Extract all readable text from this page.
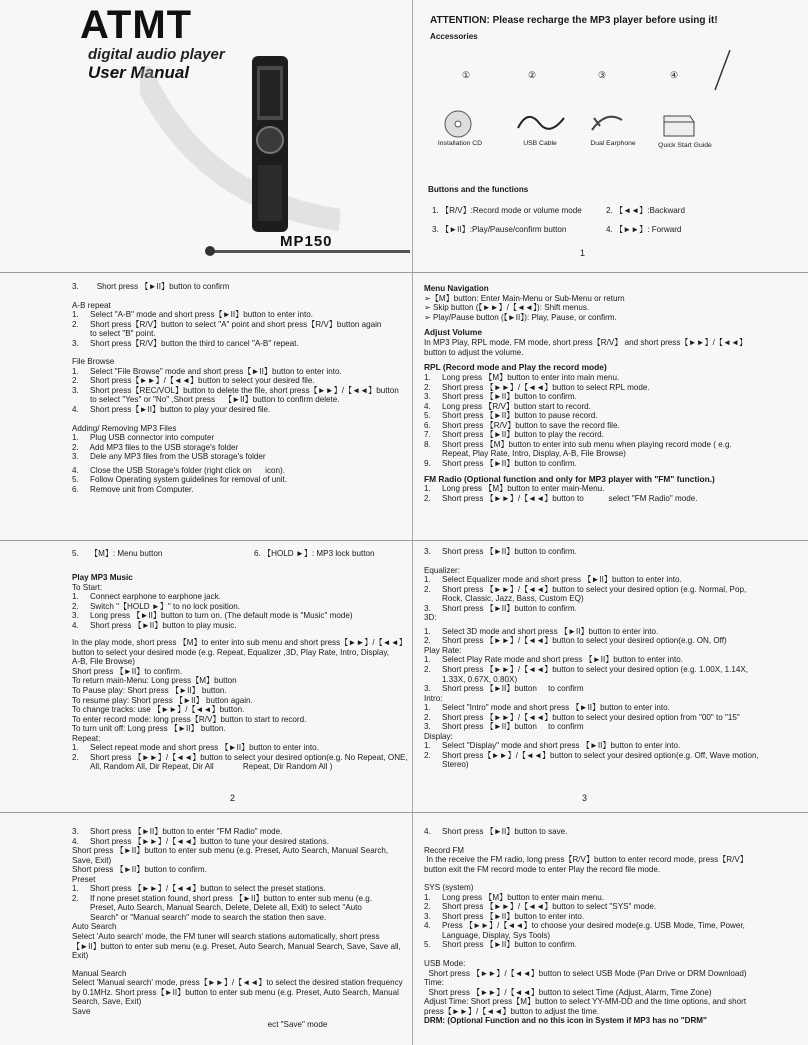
ATMT
digital audio player
User Manual
MP150
ATTENTION: Please recharge the MP3 player before using it!
Accessories
①	②	③	④
Installation CD	USB Cable	Dual Earphone	Quick Start Guide
Buttons and the functions
1. 【R/V】:Record mode or volume mode	2. 【◄◄】:Backward
3. 【►II】:Play/Pause/confirm button	4. 【►►】: Forward
1
3.        Short press 【►II】button to confirm
A-B repeat
1.     Select "A-B" mode and short press【►II】button to enter into.
2.     Short press【R/V】button to select "A" point and short press【R/V】button again
to select "B" point.
3.     Short press【R/V】button the third to cancel "A-B" repeat.
File Browse
1.     Select "File Browse" mode and short press【►II】button to enter into.
2.     Short press【►►】/【◄◄】button to select your desired file.
3.     Short press【REC/VOL】button to delete the file, short press【►►】/【◄◄】button
to select "Yes" or "No" ,Short press    【►II】button to confirm delete.
4.     Short press【►II】button to play your desired file.
Adding/ Removing MP3 Files
1.     Plug USB connector into computer
2.     Add MP3 files to the USB storage's folder
3.     Dele any MP3 files from the USB storage's folder
4.     Close the USB Storage's folder (right click on      icon).
5.     Follow Operating system guidelines for removal of unit.
6.     Remove unit from Computer.
Menu Navigation
➢【M】button: Enter Main-Menu or Sub-Menu or return
➢ Skip button (【►►】/【◄◄】): Shift menus.
➢ Play/Pause button (【►II】): Play, Pause, or confirm.
Adjust Volume
In MP3 Play, RPL mode, FM mode, short press【R/V】 and short press【►►】/【◄◄】
button to adjust the volume.
RPL (Record mode and Play the record mode)
1.     Long press 【M】button to enter into main menu.
2.     Short press 【►►】/【◄◄】button to select RPL mode.
3.     Short press 【►II】button to confirm.
4.     Long press 【R/V】button start to record.
5.     Short press 【►II】button to pause record.
6.     Short press 【R/V】button to save the record file.
7.     Short press 【►II】button to play the record.
8.     Short press 【M】button to enter into sub menu when playing record mode ( e.g.
Repeat, Play Rate, Intro, Display, A-B, File Browse)
9.     Short press 【►II】button to confirm.
FM Radio (Optional function and only for MP3 player with "FM" function.)
1.     Long press 【M】button to enter main-Menu.
2.     Short press 【►►】/【◄◄】button to           select "FM Radio" mode.
5.     【M】: Menu button	6. 【HOLD ►】: MP3 lock button
Play MP3 Music
To Start:
1.     Connect earphone to earphone jack.
2.     Switch "【HOLD ►】" to no lock position.
3.     Long press 【►II】button to turn on. (The default mode is "Music" mode)
4.     Short press 【►II】button to play music.
In the play mode, short press 【M】to enter into sub menu and short press【►►】/【◄◄】
button to select your desired mode (e.g. Repeat, Equalizer ,3D, Play Rate, Intro, Display,
A-B, File Browse)
Short press 【►II】to confirm.
To return main-Menu: Long press【M】button
To Pause play: Short press 【►II】 button.
To resume play: Short press 【►II】 button again.
To change tracks: use 【►►】/【◄◄】button.
To enter record mode: long press【R/V】button to start to record.
To turn unit off: Long press 【►II】 button.
Repeat:
1.     Select repeat mode and short press 【►II】button to enter into.
2.     Short press 【►►】/【◄◄】button to select your desired option(e.g. No Repeat, ONE,
All, Random All, Dir Repeat, Dir All             Repeat, Dir Random All )
2
3.     Short press 【►II】button to confirm.
Equalizer:
1.     Select Equalizer mode and short press 【►II】button to enter into.
2.     Short press 【►►】/【◄◄】button to select your desired option (e.g. Normal, Pop,
Rock, Classic, Jazz, Bass, Custom EQ)
3.     Short press 【►II】button to confirm.
3D:
1.     Select 3D mode and short press 【►II】button to enter into.
2.     Short press 【►►】/【◄◄】button to select your desired option(e.g. ON, Off)
Play Rate:
1.     Select Play Rate mode and short press 【►II】button to enter into.
2.     Short press 【►►】/【◄◄】button to select your desired option (e.g. 1.00X, 1.14X,
1.33X, 0.67X, 0.80X)
3.     Short press 【►II】button     to confirm
Intro:
1.     Select "Intro" mode and short press 【►II】button to enter into.
2.     Short press 【►►】/【◄◄】button to select your desired option from "00" to "15"
3.     Short press 【►II】button     to confirm
Display:
1.     Select "Display" mode and short press 【►II】button to enter into.
2.     Short press【►►】/【◄◄】button to select your desired option(e.g. Off, Wave motion,
Stereo)
3
3.     Short press 【►II】button to enter "FM Radio" mode.
4.     Short press 【►►】/【◄◄】button to tune your desired stations.
Short press 【►II】button to enter sub menu (e.g. Preset, Auto Search, Manual Search,
Save, Exit)
Short press 【►II】button to confirm.
Preset
1.     Short press 【►►】/【◄◄】button to select the preset stations.
2.     If none preset station found, short press 【►II】button to enter sub menu (e.g.
Preset, Auto Search, Manual Search, Delete, Delete all, Exit) to select "Auto
Search" or "Manual search" mode to search the station then save.
Auto Search
Select 'Auto search' mode, the FM tuner will search stations automatically, short press
【►II】button to enter sub menu (e.g. Preset, Auto Search, Manual Search, Save, Save all,
Exit)
Manual Search
Select 'Manual search' mode, press【►►】/【◄◄】to select the desired station frequency
by 0.1MHz. Short press【►II】button to enter sub menu (e.g. Preset, Auto Search, Manual
Search, Save, Exit)
Save
ect "Save" mode
4.     Short press 【►II】button to save.
Record FM
In the receive the FM radio, long press【R/V】button to enter record mode, press【R/V】
button exit the FM record mode to enter Play the record file mode.
SYS (system)
1.     Long press 【M】button to enter main menu.
2.     Short press 【►►】/【◄◄】button to select "SYS" mode.
3.     Short press 【►II】button to enter into.
4.     Press 【►►】/【◄◄】to choose your desired mode(e.g. USB Mode, Time, Power,
Language, Display, Sys Tools)
5.     Short press 【►II】button to confirm.
USB Mode:
Short press 【►►】/【◄◄】button to select USB Mode (Pan Drive or DRM Download)
Time:
Short press 【►►】/【◄◄】button to select Time (Adjust, Alarm, Time Zone)
Adjust Time: Short press【M】button to select YY-MM-DD and the time options, and short
press【►►】/【◄◄】button to adjust the time.
DRM: (Optional Function and no this icon in System if MP3 has no "DRM"
